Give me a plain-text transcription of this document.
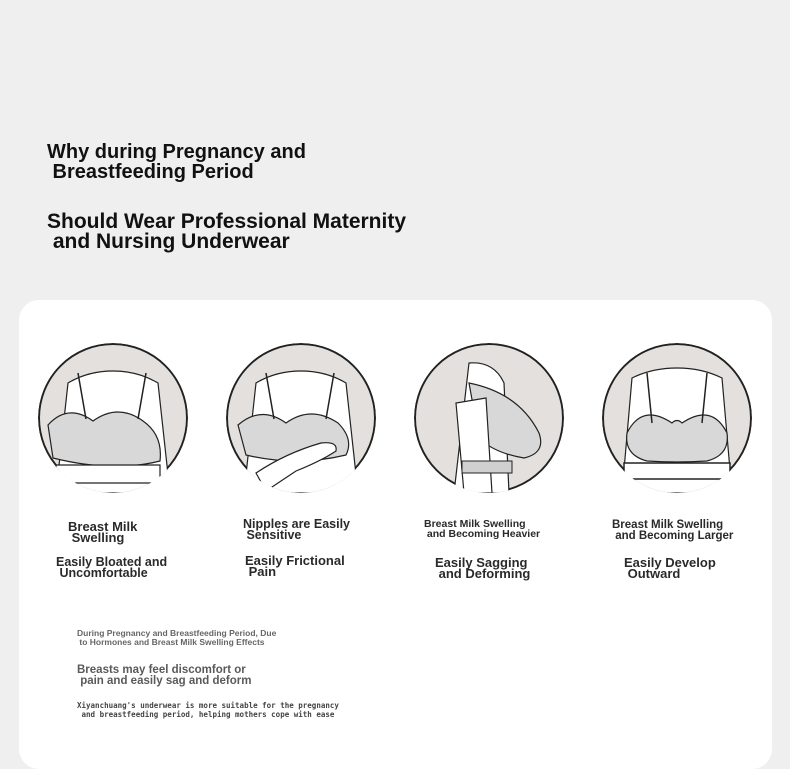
Why during Pregnancy and
Breastfeeding Period

Should Wear Professional Maternity
and Nursing Underwear

Breast Milk
Swelling

Easily Bloated and
Uncomfortable

Nipples are Easily
Sensitive

Easily Frictional
Pain

Breast Milk Swelling
and Becoming Heavier

Easily Sagging
and Deforming

Breast Milk Swelling
and Becoming Larger

Easily Develop
Outward

During Pregnancy and Breastfeeding Period, Due
to Hormones and Breast Milk Swelling Effects

Breasts may feel discomfort or
pain and easily sag and deform

Xiyanchuang's underwear is more suitable for the pregnancy
and breastfeeding period, helping mothers cope with ease
